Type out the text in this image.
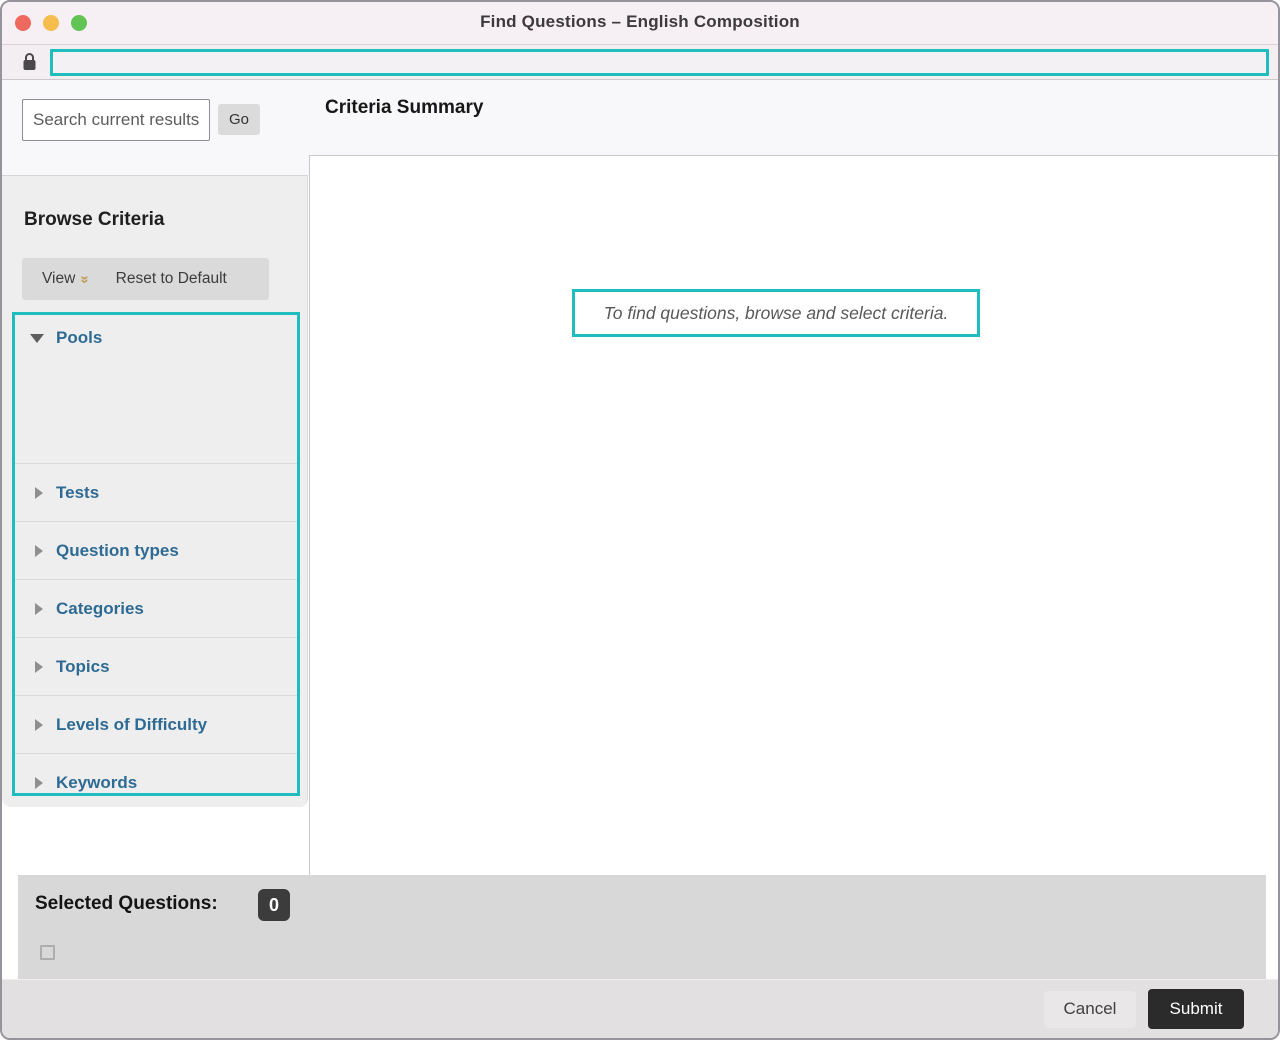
Find Questions – English Composition
Criteria Summary
To find questions, browse and select criteria.
Search current results
Go
Browse Criteria
View »	Reset to Default
Pools
Tests
Question types
Categories
Topics
Levels of Difficulty
Keywords
Selected Questions:	0
Cancel	Submit
